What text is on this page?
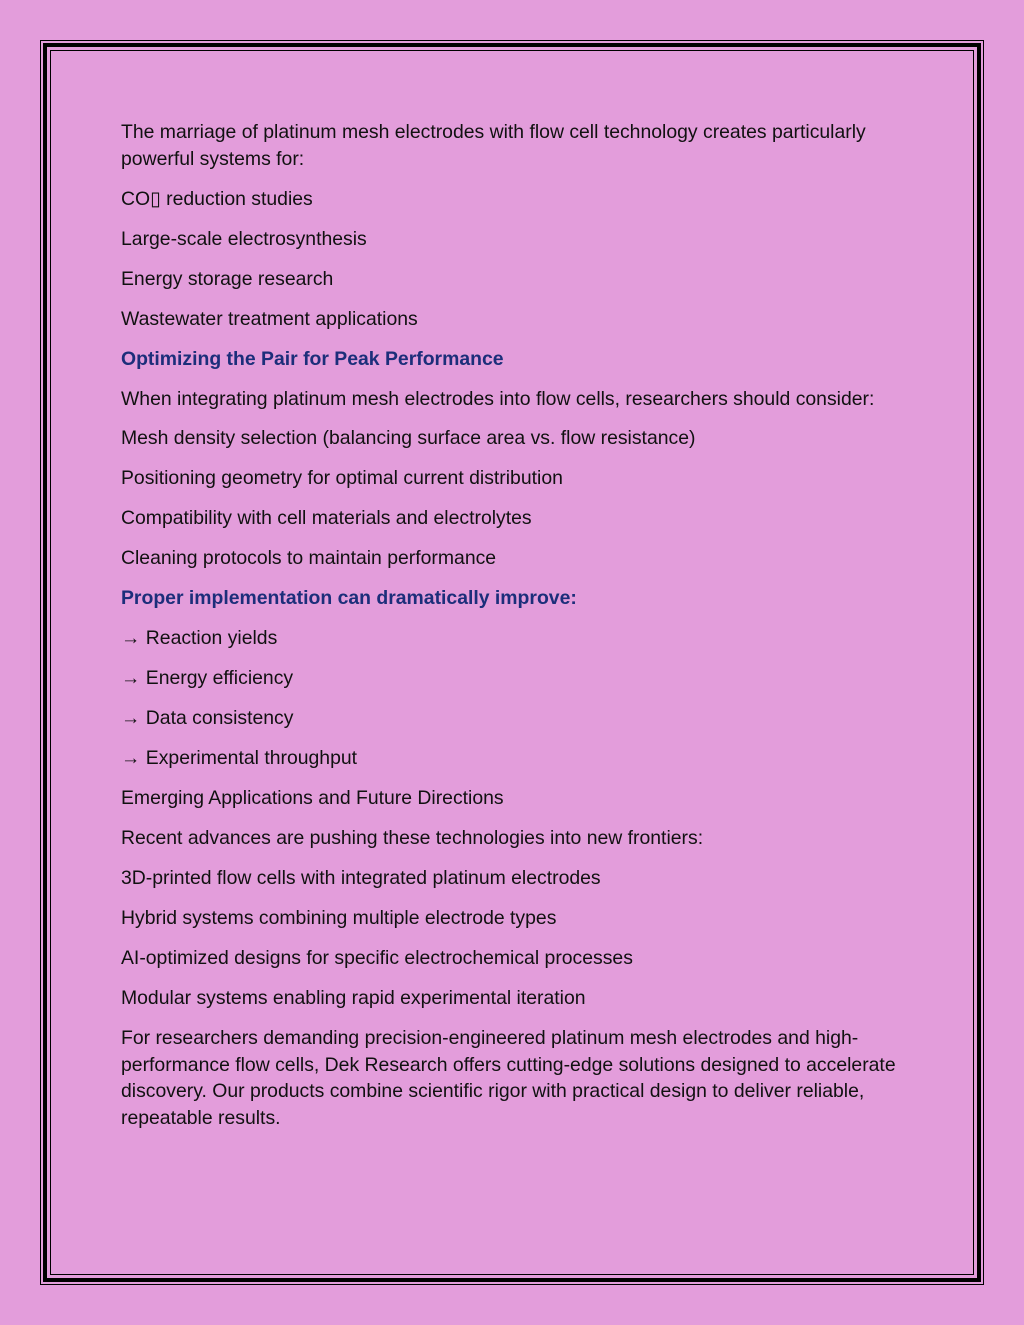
The marriage of platinum mesh electrodes with flow cell technology creates particularly powerful systems for:

CO▯ reduction studies

Large-scale electrosynthesis

Energy storage research

Wastewater treatment applications

Optimizing the Pair for Peak Performance

When integrating platinum mesh electrodes into flow cells, researchers should consider:

Mesh density selection (balancing surface area vs. flow resistance)

Positioning geometry for optimal current distribution

Compatibility with cell materials and electrolytes

Cleaning protocols to maintain performance

Proper implementation can dramatically improve:

→ Reaction yields

→ Energy efficiency

→ Data consistency

→ Experimental throughput

Emerging Applications and Future Directions

Recent advances are pushing these technologies into new frontiers:

3D-printed flow cells with integrated platinum electrodes

Hybrid systems combining multiple electrode types

AI-optimized designs for specific electrochemical processes

Modular systems enabling rapid experimental iteration

For researchers demanding precision-engineered platinum mesh electrodes and high-performance flow cells, Dek Research offers cutting-edge solutions designed to accelerate discovery. Our products combine scientific rigor with practical design to deliver reliable, repeatable results.
